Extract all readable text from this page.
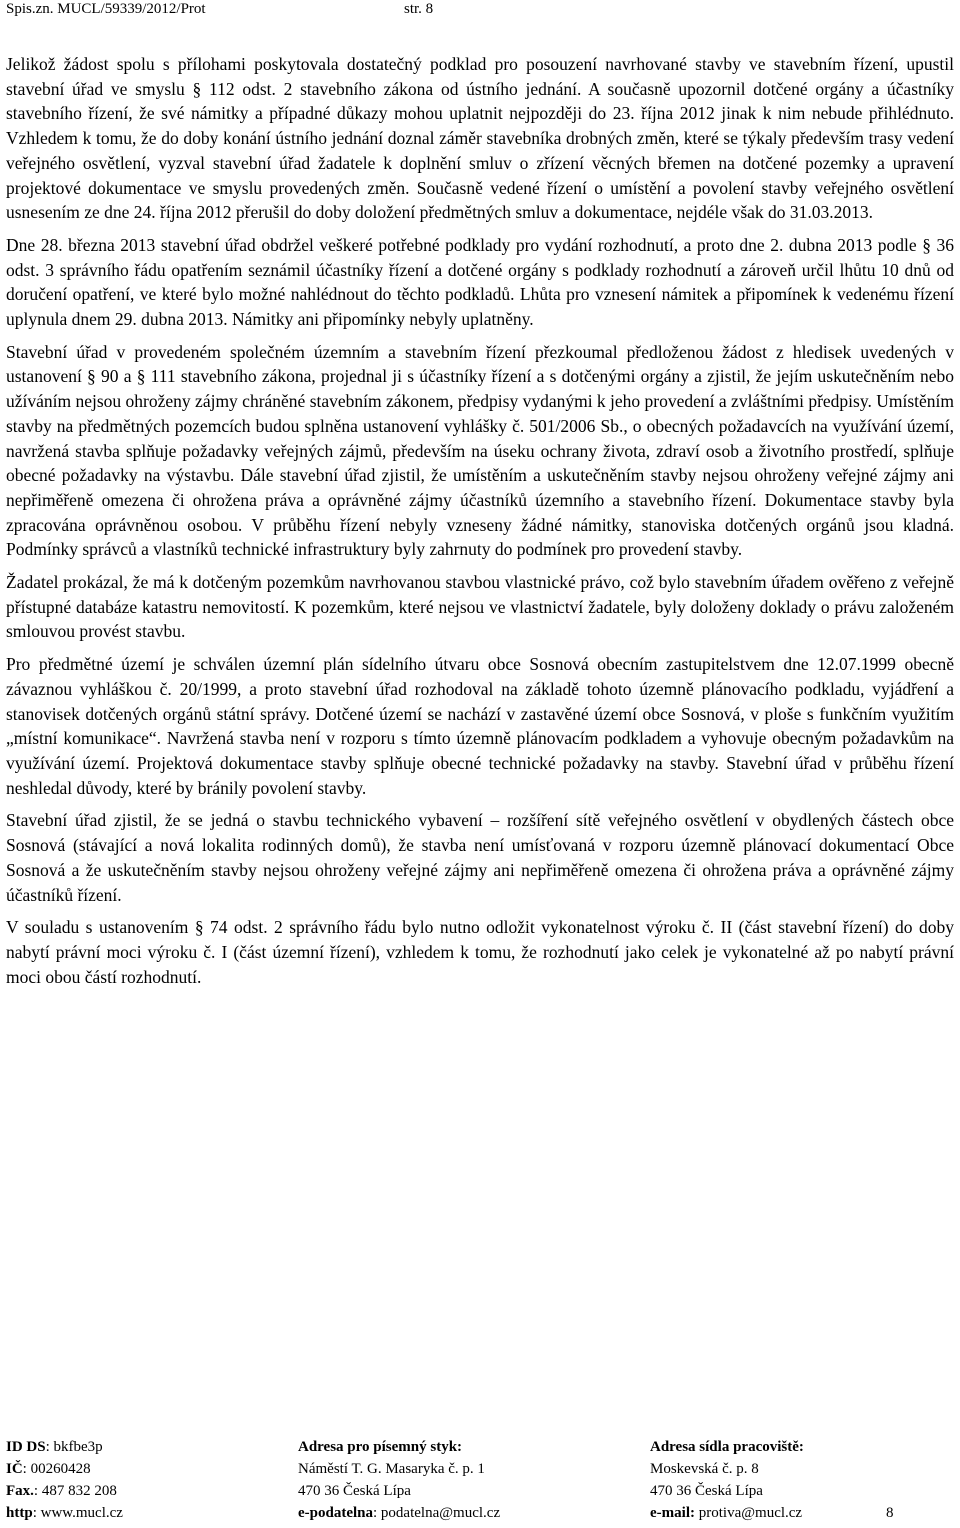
Spis.zn. MUCL/59339/2012/Prot	str. 8

Jelikož žádost spolu s přílohami poskytovala dostatečný podklad pro posouzení navrhované stavby ve stavebním řízení, upustil stavební úřad ve smyslu § 112 odst. 2 stavebního zákona od ústního jednání. A současně upozornil dotčené orgány a účastníky stavebního řízení, že své námitky a případné důkazy mohou uplatnit nejpozději do 23. října 2012 jinak k nim nebude přihlédnuto. Vzhledem k tomu, že do doby konání ústního jednání doznal záměr stavebníka drobných změn, které se týkaly především trasy vedení veřejného osvětlení, vyzval stavební úřad žadatele k doplnění smluv o zřízení věcných břemen na dotčené pozemky a upravení projektové dokumentace ve smyslu provedených změn. Současně vedené řízení o umístění a povolení stavby veřejného osvětlení usnesením ze dne 24. října 2012 přerušil do doby doložení předmětných smluv a dokumentace, nejdéle však do 31.03.2013.

Dne 28. března 2013 stavební úřad obdržel veškeré potřebné podklady pro vydání rozhodnutí, a proto dne 2. dubna 2013 podle § 36 odst. 3 správního řádu opatřením seznámil účastníky řízení a dotčené orgány s podklady rozhodnutí a zároveň určil lhůtu 10 dnů od doručení opatření, ve které bylo možné nahlédnout do těchto podkladů. Lhůta pro vznesení námitek a připomínek k vedenému řízení uplynula dnem 29. dubna 2013. Námitky ani připomínky nebyly uplatněny.

Stavební úřad v provedeném společném územním a stavebním řízení přezkoumal předloženou žádost z hledisek uvedených v ustanovení § 90 a § 111 stavebního zákona, projednal ji s účastníky řízení a s dotčenými orgány a zjistil, že jejím uskutečněním nebo užíváním nejsou ohroženy zájmy chráněné stavebním zákonem, předpisy vydanými k jeho provedení a zvláštními předpisy. Umístěním stavby na předmětných pozemcích budou splněna ustanovení vyhlášky č. 501/2006 Sb., o obecných požadavcích na využívání území, navržená stavba splňuje požadavky veřejných zájmů, především na úseku ochrany života, zdraví osob a životního prostředí, splňuje obecné požadavky na výstavbu. Dále stavební úřad zjistil, že umístěním a uskutečněním stavby nejsou ohroženy veřejné zájmy ani nepřiměřeně omezena či ohrožena práva a oprávněné zájmy účastníků územního a stavebního řízení. Dokumentace stavby byla zpracována oprávněnou osobou. V průběhu řízení nebyly vzneseny žádné námitky, stanoviska dotčených orgánů jsou kladná. Podmínky správců a vlastníků technické infrastruktury byly zahrnuty do podmínek pro provedení stavby.

Žadatel prokázal, že má k dotčeným pozemkům navrhovanou stavbou vlastnické právo, což bylo stavebním úřadem ověřeno z veřejně přístupné databáze katastru nemovitostí. K pozemkům, které nejsou ve vlastnictví žadatele, byly doloženy doklady o právu založeném smlouvou provést stavbu.

Pro předmětné území je schválen územní plán sídelního útvaru obce Sosnová obecním zastupitelstvem dne 12.07.1999 obecně závaznou vyhláškou č. 20/1999, a proto stavební úřad rozhodoval na základě tohoto územně plánovacího podkladu, vyjádření a stanovisek dotčených orgánů státní správy. Dotčené území se nachází v zastavěné území obce Sosnová, v ploše s funkčním využitím „místní komunikace“. Navržená stavba není v rozporu s tímto územně plánovacím podkladem a vyhovuje obecným požadavkům na využívání území. Projektová dokumentace stavby splňuje obecné technické požadavky na stavby. Stavební úřad v průběhu řízení neshledal důvody, které by bránily povolení stavby.

Stavební úřad zjistil, že se jedná o stavbu technického vybavení – rozšíření sítě veřejného osvětlení v obydlených částech obce Sosnová (stávající a nová lokalita rodinných domů), že stavba není umísťovaná v rozporu územně plánovací dokumentací Obce Sosnová a že uskutečněním stavby nejsou ohroženy veřejné zájmy ani nepřiměřeně omezena či ohrožena práva a oprávněné zájmy účastníků řízení.

V souladu s ustanovením § 74 odst. 2 správního řádu bylo nutno odložit vykonatelnost výroku č. II (část stavební řízení) do doby nabytí právní moci výroku č. I (část územní řízení), vzhledem k tomu, že rozhodnutí jako celek je vykonatelné až po nabytí právní moci obou částí rozhodnutí.

ID DS: bkfbe3p
IČ: 00260428
Fax.: 487 832 208
http: www.mucl.cz
Adresa pro písemný styk:
Náměstí T. G. Masaryka č. p. 1
470 36 Česká Lípa
e-podatelna: podatelna@mucl.cz
Adresa sídla pracoviště:
Moskevská č. p. 8
470 36 Česká Lípa
e-mail: protiva@mucl.cz	8
